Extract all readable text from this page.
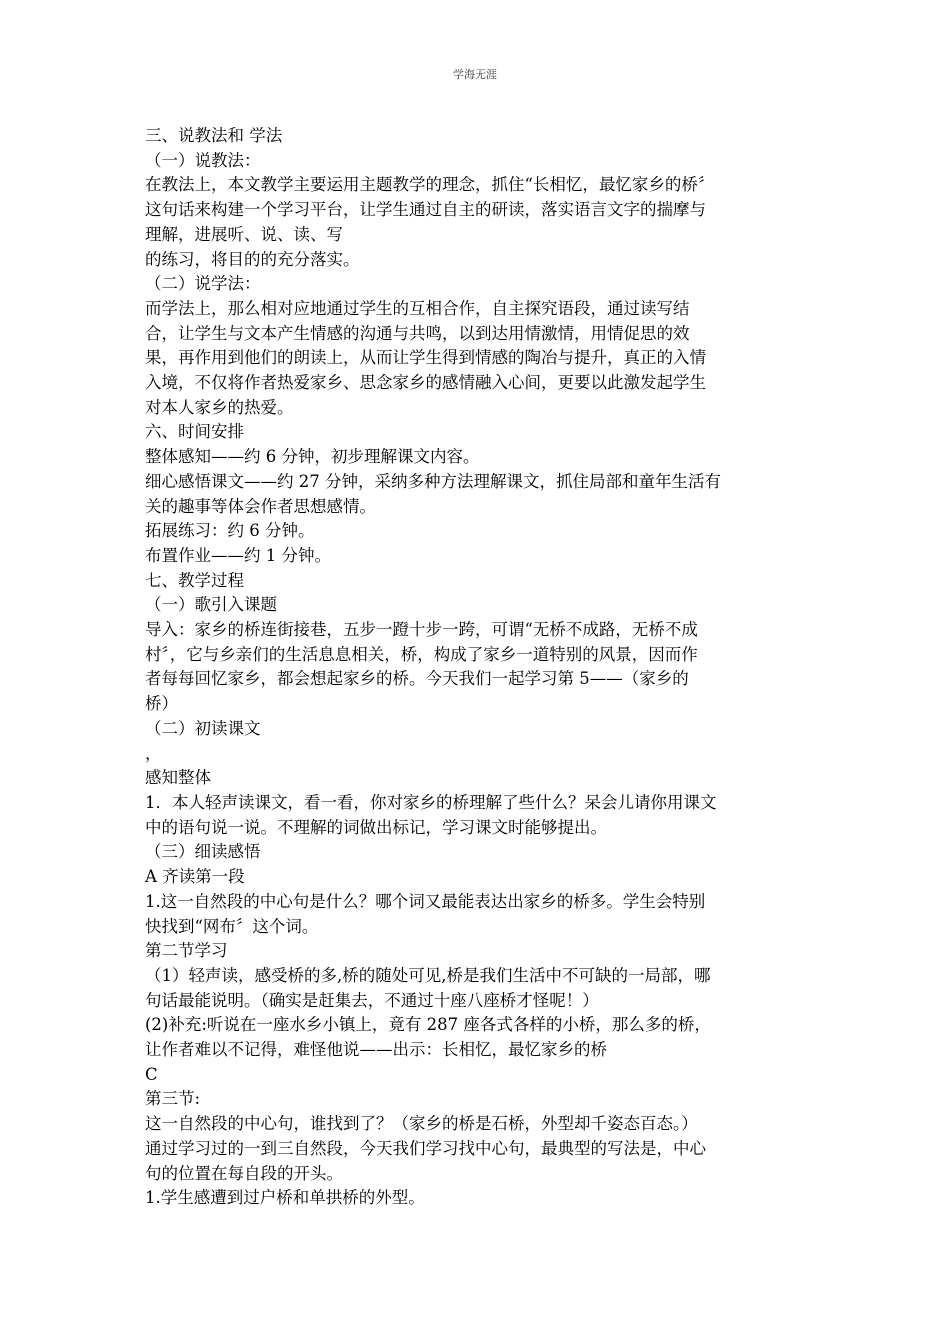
学海无涯
三、说教法和 学法
（一）说教法：
在教法上，本文教学主要运用主题教学的理念，抓住“长相忆，最忆家乡的桥〞
这句话来构建一个学习平台，让学生通过自主的研读，落实语言文字的揣摩与
理解，进展听、说、读、写
的练习，将目的的充分落实。
（二）说学法：
而学法上，那么相对应地通过学生的互相合作，自主探究语段，通过读写结
合，让学生与文本产生情感的沟通与共鸣，以到达用情激情，用情促思的效
果，再作用到他们的朗读上，从而让学生得到情感的陶冶与提升，真正的入情
入境，不仅将作者热爱家乡、思念家乡的感情融入心间，更要以此激发起学生
对本人家乡的热爱。
六、时间安排
整体感知——约 6 分钟，初步理解课文内容。
细心感悟课文——约 27 分钟，采纳多种方法理解课文，抓住局部和童年生活有
关的趣事等体会作者思想感情。
拓展练习：约 6 分钟。
布置作业——约 1 分钟。
七、教学过程
（一）歌引入课题
导入：家乡的桥连街接巷，五步一蹬十步一跨，可谓“无桥不成路，无桥不成
村〞，它与乡亲们的生活息息相关，桥，构成了家乡一道特别的风景，因而作
者每每回忆家乡，都会想起家乡的桥。今天我们一起学习第 5——（家乡的
桥）
（二）初读课文
，
感知整体
1．本人轻声读课文，看一看，你对家乡的桥理解了些什么？呆会儿请你用课文
中的语句说一说。不理解的词做出标记，学习课文时能够提出。
（三）细读感悟
A 齐读第一段
1.这一自然段的中心句是什么？哪个词又最能表达出家乡的桥多。学生会特别
快找到“网布〞这个词。
第二节学习
（1）轻声读，感受桥的多,桥的随处可见,桥是我们生活中不可缺的一局部，哪
句话最能说明。（确实是赶集去，不通过十座八座桥才怪呢！）
(2)补充:听说在一座水乡小镇上，竟有 287 座各式各样的小桥，那么多的桥，
让作者难以不记得，难怪他说——出示：长相忆，最忆家乡的桥
C
第三节:
这一自然段的中心句，谁找到了？（家乡的桥是石桥，外型却千姿态百态。）
通过学习过的一到三自然段，今天我们学习找中心句，最典型的写法是，中心
句的位置在每自段的开头。
1.学生感遭到过户桥和单拱桥的外型。
